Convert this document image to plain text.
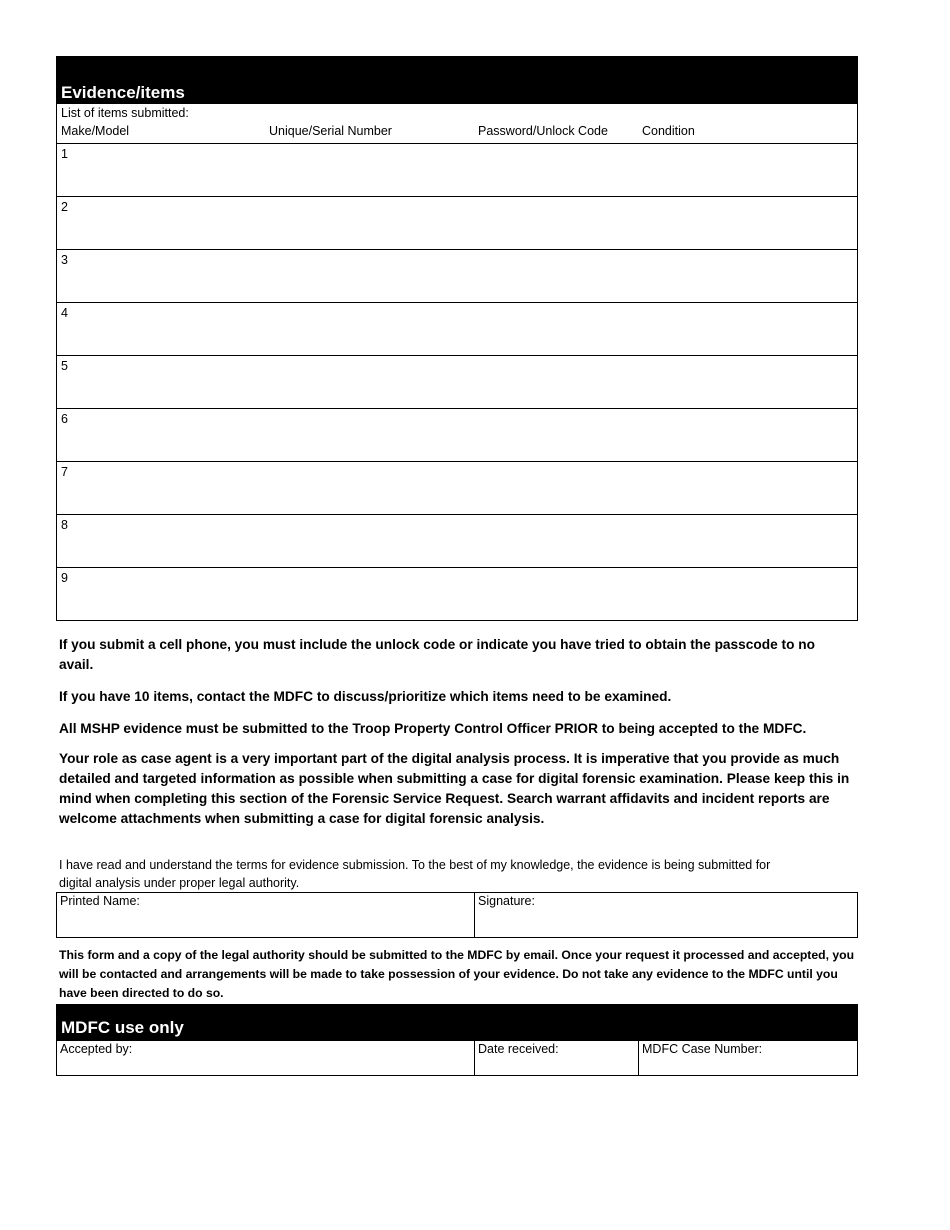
Evidence/items
List of items submitted:
Make/Model	Unique/Serial Number	Password/Unlock Code	Condition
1
2
3
4
5
6
7
8
9

If you submit a cell phone, you must include the unlock code or indicate you have tried to obtain the passcode to no avail.

If you have 10 items, contact the MDFC to discuss/prioritize which items need to be examined.

All MSHP evidence must be submitted to the Troop Property Control Officer PRIOR to being accepted to the MDFC.

Your role as case agent is a very important part of the digital analysis process. It is imperative that you provide as much detailed and targeted information as possible when submitting a case for digital forensic examination. Please keep this in mind when completing this section of the Forensic Service Request. Search warrant affidavits and incident reports are welcome attachments when submitting a case for digital forensic analysis.

I have read and understand the terms for evidence submission. To the best of my knowledge, the evidence is being submitted for digital analysis under proper legal authority.
Printed Name:	Signature:
This form and a copy of the legal authority should be submitted to the MDFC by email. Once your request it processed and accepted, you will be contacted and arrangements will be made to take possession of your evidence. Do not take any evidence to the MDFC until you have been directed to do so.
MDFC use only
Accepted by:	Date received:	MDFC Case Number:
